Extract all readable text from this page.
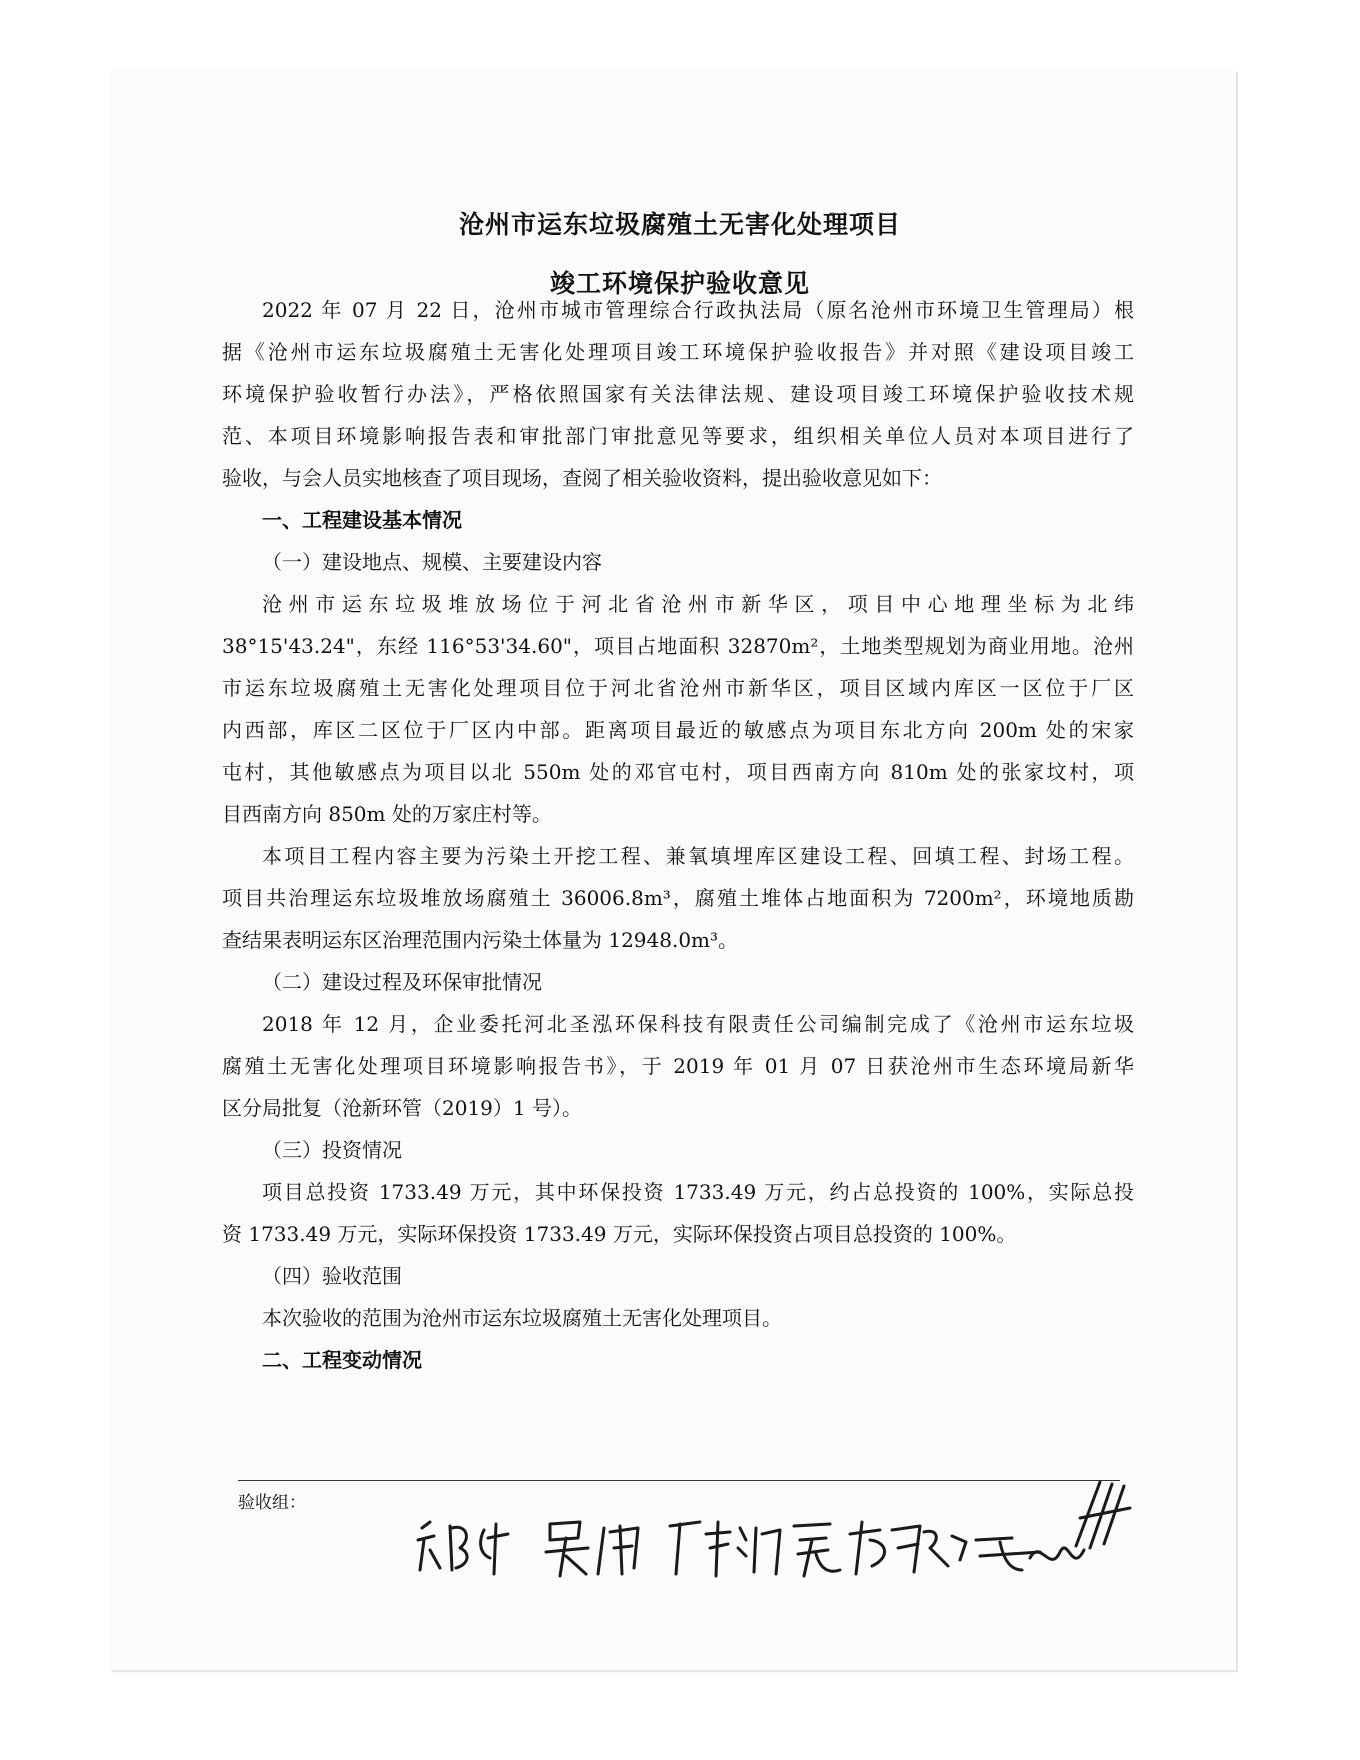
沧州市运东垃圾腐殖土无害化处理项目
竣工环境保护验收意见
2022 年 07 月 22 日，沧州市城市管理综合行政执法局（原名沧州市环境卫生管理局）根
据《沧州市运东垃圾腐殖土无害化处理项目竣工环境保护验收报告》并对照《建设项目竣工
环境保护验收暂行办法》，严格依照国家有关法律法规、建设项目竣工环境保护验收技术规
范、本项目环境影响报告表和审批部门审批意见等要求，组织相关单位人员对本项目进行了
验收，与会人员实地核查了项目现场，查阅了相关验收资料，提出验收意见如下：
一、工程建设基本情况
（一）建设地点、规模、主要建设内容
沧州市运东垃圾堆放场位于河北省沧州市新华区，项目中心地理坐标为北纬
38°15'43.24"，东经 116°53'34.60"，项目占地面积 32870m²，土地类型规划为商业用地。沧州
市运东垃圾腐殖土无害化处理项目位于河北省沧州市新华区，项目区域内库区一区位于厂区
内西部，库区二区位于厂区内中部。距离项目最近的敏感点为项目东北方向 200m 处的宋家
屯村，其他敏感点为项目以北 550m 处的邓官屯村，项目西南方向 810m 处的张家坟村，项
目西南方向 850m 处的万家庄村等。
本项目工程内容主要为污染土开挖工程、兼氧填埋库区建设工程、回填工程、封场工程。
项目共治理运东垃圾堆放场腐殖土 36006.8m³，腐殖土堆体占地面积为 7200m²，环境地质勘
查结果表明运东区治理范围内污染土体量为 12948.0m³。
（二）建设过程及环保审批情况
2018 年 12 月，企业委托河北圣泓环保科技有限责任公司编制完成了《沧州市运东垃圾
腐殖土无害化处理项目环境影响报告书》，于 2019 年 01 月 07 日获沧州市生态环境局新华
区分局批复（沧新环管（2019）1 号）。
（三）投资情况
项目总投资 1733.49 万元，其中环保投资 1733.49 万元，约占总投资的 100%，实际总投
资 1733.49 万元，实际环保投资 1733.49 万元，实际环保投资占项目总投资的 100%。
（四）验收范围
本次验收的范围为沧州市运东垃圾腐殖土无害化处理项目。
二、工程变动情况
验收组：
